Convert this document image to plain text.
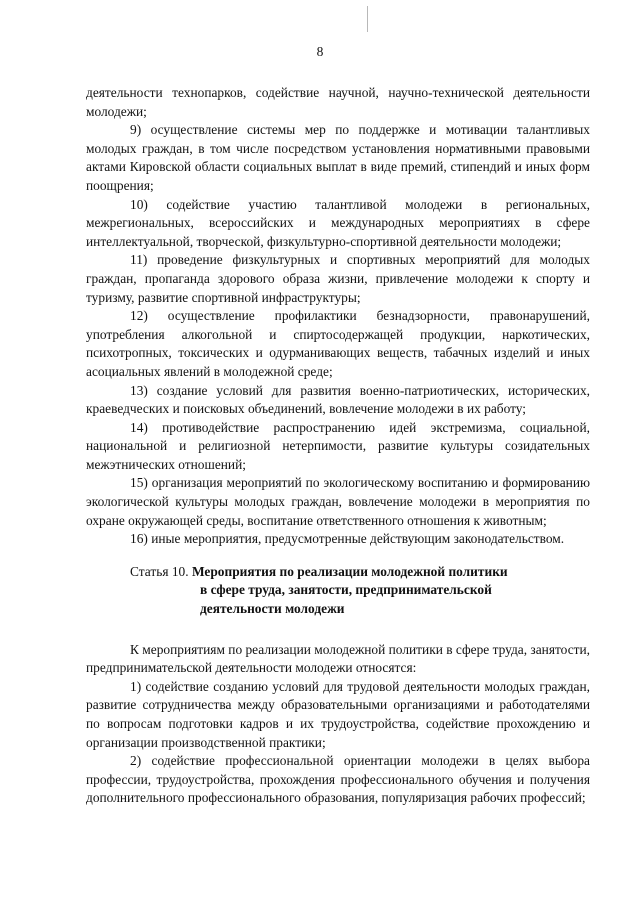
8

деятельности технопарков, содействие научной, научно-технической деятельности молодежи;

9) осуществление системы мер по поддержке и мотивации талантливых молодых граждан, в том числе посредством установления нормативными правовыми актами Кировской области социальных выплат в виде премий, стипендий и иных форм поощрения;

10) содействие участию талантливой молодежи в региональных, межрегиональных, всероссийских и международных мероприятиях в сфере интеллектуальной, творческой, физкультурно-спортивной деятельности молодежи;

11) проведение физкультурных и спортивных мероприятий для молодых граждан, пропаганда здорового образа жизни, привлечение молодежи к спорту и туризму, развитие спортивной инфраструктуры;

12) осуществление профилактики безнадзорности, правонарушений, употребления алкогольной и спиртосодержащей продукции, наркотических, психотропных, токсических и одурманивающих веществ, табачных изделий и иных асоциальных явлений в молодежной среде;

13) создание условий для развития военно-патриотических, исторических, краеведческих и поисковых объединений, вовлечение молодежи в их работу;

14) противодействие распространению идей экстремизма, социальной, национальной и религиозной нетерпимости, развитие культуры созидательных межэтнических отношений;

15) организация мероприятий по экологическому воспитанию и формированию экологической культуры молодых граждан, вовлечение молодежи в мероприятия по охране окружающей среды, воспитание ответственного отношения к животным;

16) иные мероприятия, предусмотренные действующим законодательством.

Статья 10. Мероприятия по реализации молодежной политики
в сфере труда, занятости, предпринимательской
деятельности молодежи

К мероприятиям по реализации молодежной политики в сфере труда, занятости, предпринимательской деятельности молодежи относятся:

1) содействие созданию условий для трудовой деятельности молодых граждан, развитие сотрудничества между образовательными организациями и работодателями по вопросам подготовки кадров и их трудоустройства, содействие прохождению и организации производственной практики;

2) содействие профессиональной ориентации молодежи в целях выбора профессии, трудоустройства, прохождения профессионального обучения и получения дополнительного профессионального образования, популяризация рабочих профессий;
